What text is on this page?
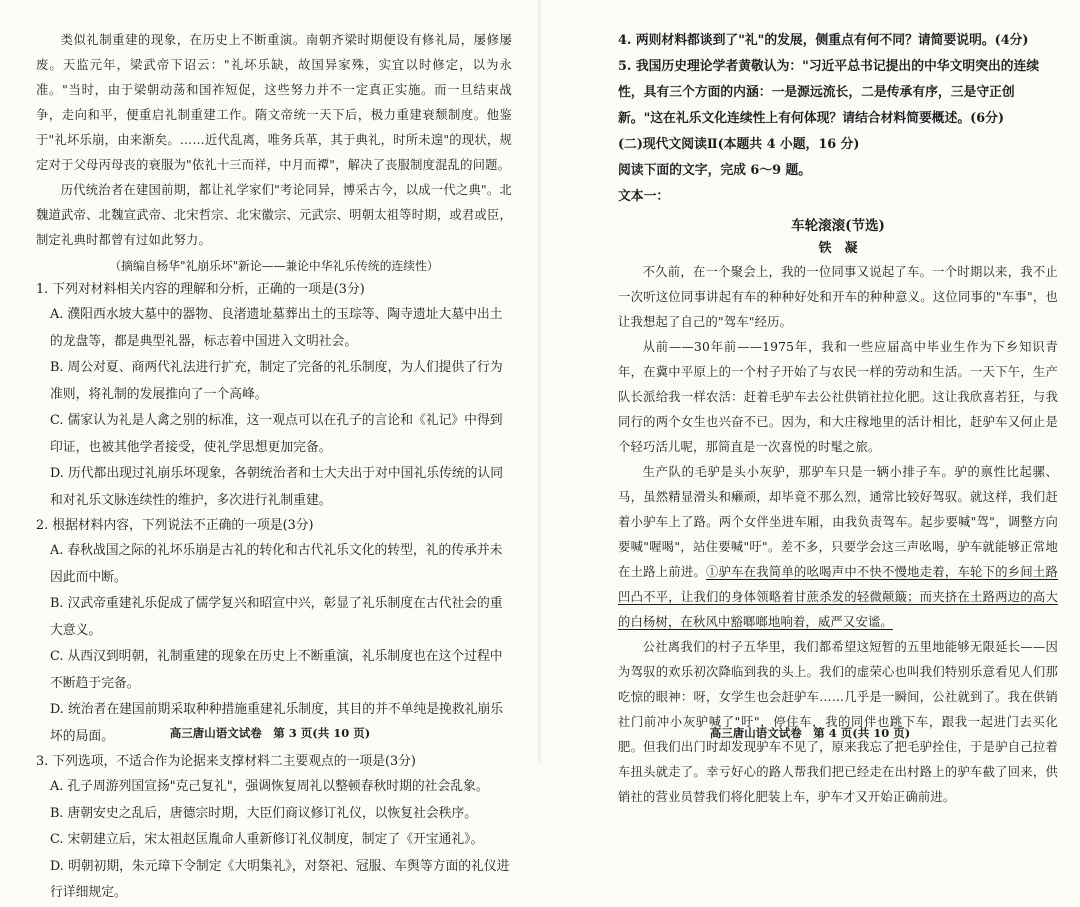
类似礼制重建的现象，在历史上不断重演。南朝齐梁时期便设有修礼局，屡修屡废。天监元年，梁武帝下诏云："礼坏乐缺，故国异家殊，实宜以时修定，以为永准。"当时，由于梁朝动荡和国祚短促，这些努力并不一定真正实施。而一旦结束战争，走向和平，便重启礼制重建工作。隋文帝统一天下后，极力重建衰颓制度。他鉴于"礼坏乐崩，由来渐矣。……近代乱离，唯务兵革，其于典礼，时所未遑"的现状，规定对于父母丙母丧的衰服为"依礼十三而祥，中月而禫"，解决了丧服制度混乱的问题。

历代统治者在建国前期，都让礼学家们"考论同异，博采古今，以成一代之典"。北魏道武帝、北魏宣武帝、北宋哲宗、北宋徽宗、元武宗、明朝太祖等时期，或君或臣，制定礼典时都曾有过如此努力。

（摘编自杨华"礼崩乐坏"新论——兼论中华礼乐传统的连续性）

1. 下列对材料相关内容的理解和分析，正确的一项是(3分)

A. 濮阳西水坡大墓中的器物、良渚遗址墓葬出土的玉琮等、陶寺遗址大墓中出土的龙盘等，都是典型礼器，标志着中国进入文明社会。

B. 周公对夏、商两代礼法进行扩充，制定了完备的礼乐制度，为人们提供了行为准则，将礼制的发展推向了一个高峰。

C. 儒家认为礼是人禽之别的标准，这一观点可以在孔子的言论和《礼记》中得到印证，也被其他学者接受，使礼学思想更加完备。

D. 历代都出现过礼崩乐坏现象，各朝统治者和士大夫出于对中国礼乐传统的认同和对礼乐文脉连续性的维护，多次进行礼制重建。

2. 根据材料内容，下列说法不正确的一项是(3分)

A. 春秋战国之际的礼坏乐崩是古礼的转化和古代礼乐文化的转型，礼的传承并未因此而中断。

B. 汉武帝重建礼乐促成了儒学复兴和昭宣中兴，彰显了礼乐制度在古代社会的重大意义。

C. 从西汉到明朝，礼制重建的现象在历史上不断重演，礼乐制度也在这个过程中不断趋于完备。

D. 统治者在建国前期采取种种措施重建礼乐制度，其目的并不单纯是挽救礼崩乐坏的局面。

3. 下列选项，不适合作为论据来支撑材料二主要观点的一项是(3分)

A. 孔子周游列国宣扬"克己复礼"，强调恢复周礼以整顿春秋时期的社会乱象。

B. 唐朝安史之乱后，唐德宗时期，大臣们商议修订礼仪，以恢复社会秩序。

C. 宋朝建立后，宋太祖赵匡胤命人重新修订礼仪制度，制定了《开宝通礼》。

D. 明朝初期，朱元璋下令制定《大明集礼》，对祭祀、冠服、车舆等方面的礼仪进行详细规定。

高三唐山语文试卷　第 3 页(共 10 页)

4. 两则材料都谈到了"礼"的发展，侧重点有何不同？请简要说明。(4分)

5. 我国历史理论学者黄敬认为："习近平总书记提出的中华文明突出的连续性，具有三个方面的内涵：一是源远流长，二是传承有序，三是守正创新。"这在礼乐文化连续性上有何体现？请结合材料简要概述。(6分)

(二)现代文阅读Ⅱ(本题共 4 小题，16 分)

阅读下面的文字，完成 6～9 题。

文本一：

车轮滚滚(节选)

铁　凝

不久前，在一个聚会上，我的一位同事又说起了车。一个时期以来，我不止一次听这位同事讲起有车的种种好处和开车的种种意义。这位同事的"车事"，也让我想起了自己的"驾车"经历。

从前——30年前——1975年，我和一些应届高中毕业生作为下乡知识青年，在冀中平原上的一个村子开始了与农民一样的劳动和生活。一天下午，生产队长派给我一样农活：赶着毛驴车去公社供销社拉化肥。这让我欣喜若狂，与我同行的两个女生也兴奋不已。因为，和大庄稼地里的活计相比，赶驴车又何止是个轻巧活儿呢，那简直是一次喜悦的时髦之旅。

生产队的毛驴是头小灰驴，那驴车只是一辆小排子车。驴的禀性比起骡、马，虽然精显滑头和癞顽，却毕竟不那么烈，通常比较好驾驭。就这样，我们赶着小驴车上了路。两个女伴坐进车厢，由我负责驾车。起步要喊"驾"，调整方向要喊"喔喝"，站住要喊"吁"。差不多，只要学会这三声吆喝，驴车就能够正常地在土路上前进。①驴车在我简单的吆喝声中不快不慢地走着，车轮下的乡间土路凹凸不平，让我们的身体领略着甘蔗杀发的轻微颠簸；而夹挤在土路两边的高大的白杨树，在秋风中豁啷啷地响着，威严又安谧。

公社离我们的村子五华里，我们都希望这短暂的五里地能够无限延长——因为驾驭的欢乐初次降临到我的头上。我们的虚荣心也叫我们特别乐意看见人们那吃惊的眼神：呀，女学生也会赶驴车……几乎是一瞬间，公社就到了。我在供销社门前冲小灰驴喊了"吁"，停住车，我的同伴也跳下车，跟我一起进门去买化肥。但我们出门时却发现驴车不见了，原来我忘了把毛驴拴住，于是驴自己拉着车扭头就走了。幸亏好心的路人帮我们把已经走在出村路上的驴车截了回来，供销社的营业员替我们将化肥装上车，驴车才又开始正确前进。

高三唐山语文试卷　第 4 页(共 10 页)
